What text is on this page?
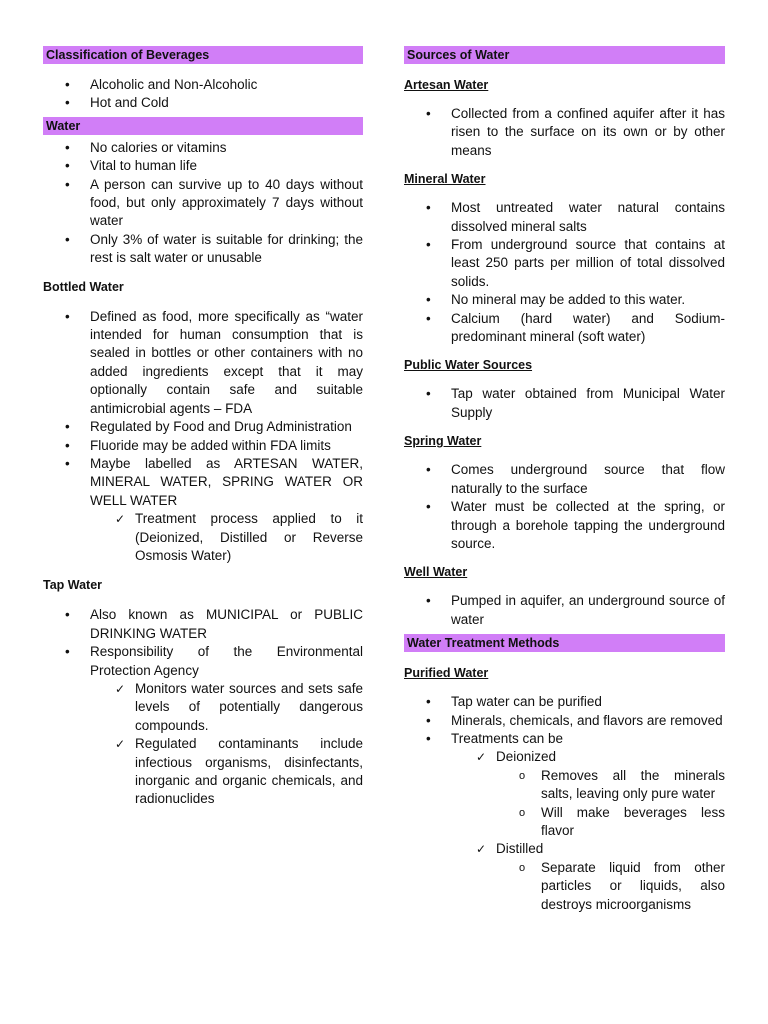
Classification of Beverages
• Alcoholic and Non-Alcoholic
• Hot and Cold
Water
• No calories or vitamins
• Vital to human life
• A person can survive up to 40 days without food, but only approximately 7 days without water
• Only 3% of water is suitable for drinking; the rest is salt water or unusable
Bottled Water
• Defined as food, more specifically as “water intended for human consumption that is sealed in bottles or other containers with no added ingredients except that it may optionally contain safe and suitable antimicrobial agents – FDA
• Regulated by Food and Drug Administration
• Fluoride may be added within FDA limits
• Maybe labelled as ARTESAN WATER, MINERAL WATER, SPRING WATER OR WELL WATER
✓ Treatment process applied to it (Deionized, Distilled or Reverse Osmosis Water)
Tap Water
• Also known as MUNICIPAL or PUBLIC DRINKING WATER
• Responsibility of the Environmental Protection Agency
✓ Monitors water sources and sets safe levels of potentially dangerous compounds.
✓ Regulated contaminants include infectious organisms, disinfectants, inorganic and organic chemicals, and radionuclides
Sources of Water
Artesan Water
• Collected from a confined aquifer after it has risen to the surface on its own or by other means
Mineral Water
• Most untreated water natural contains dissolved mineral salts
• From underground source that contains at least 250 parts per million of total dissolved solids.
• No mineral may be added to this water.
• Calcium (hard water) and Sodium-predominant mineral (soft water)
Public Water Sources
• Tap water obtained from Municipal Water Supply
Spring Water
• Comes underground source that flow naturally to the surface
• Water must be collected at the spring, or through a borehole tapping the underground source.
Well Water
• Pumped in aquifer, an underground source of water
Water Treatment Methods
Purified Water
• Tap water can be purified
• Minerals, chemicals, and flavors are removed
• Treatments can be
✓ Deionized
o Removes all the minerals salts, leaving only pure water
o Will make beverages less flavor
✓ Distilled
o Separate liquid from other particles or liquids, also destroys microorganisms
